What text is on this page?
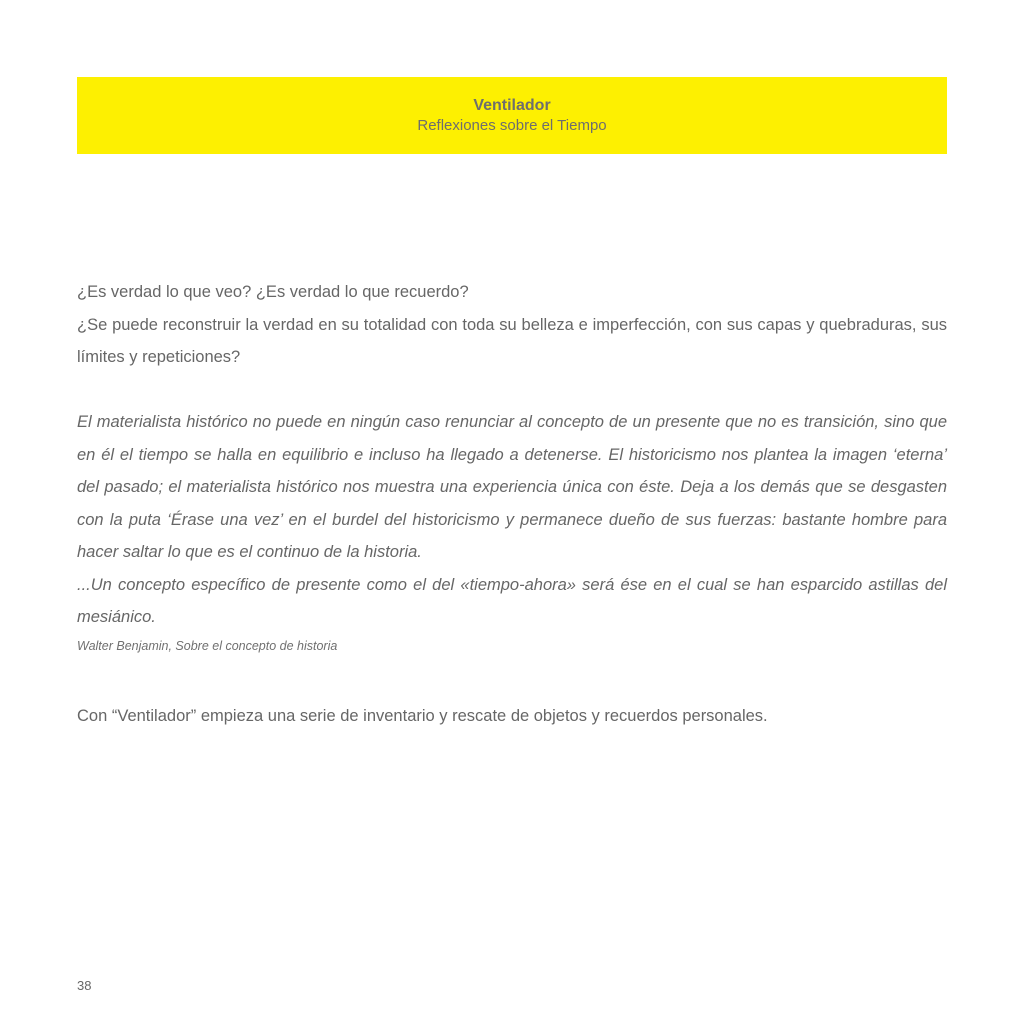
Ventilador
Reflexiones sobre el Tiempo

¿Es verdad lo que veo? ¿Es verdad lo que recuerdo?

¿Se puede reconstruir la verdad en su totalidad con toda su belleza e imperfección, con sus capas y quebraduras, sus límites y repeticiones?

El materialista histórico no puede en ningún caso renunciar al concepto de un presente que no es transición, sino que en él el tiempo se halla en equilibrio e incluso ha llegado a detenerse. El historicismo nos plantea la imagen ‘eterna’ del pasado; el materialista histórico nos muestra una experiencia única con éste. Deja a los demás que se desgasten con la puta ‘Érase una vez’ en el burdel del historicismo y permanece dueño de sus fuerzas: bastante hombre para hacer saltar lo que es el continuo de la historia.

...Un concepto específico de presente como el del «tiempo-ahora» será ése en el cual se han esparcido astillas del mesiánico.

Walter Benjamin, Sobre el concepto de historia

Con “Ventilador” empieza una serie de inventario y rescate de objetos y recuerdos personales.

38
